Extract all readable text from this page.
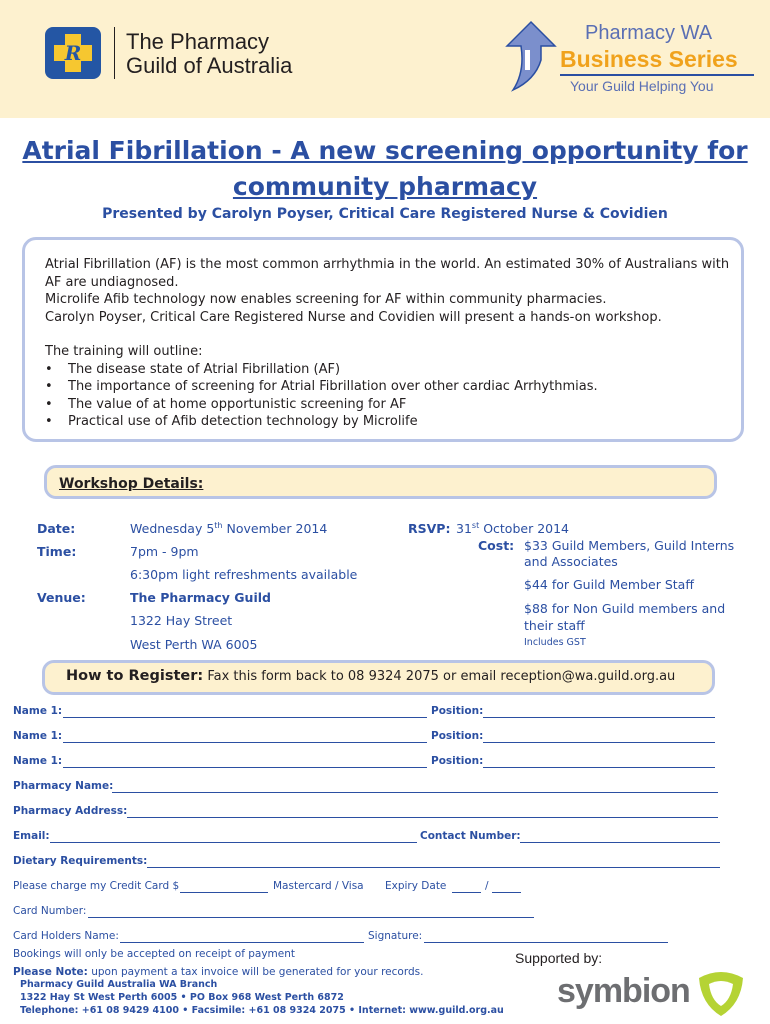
R	The Pharmacy
Guild of Australia
Pharmacy WA
Business Series
Your Guild Helping You
Atrial Fibrillation - A new screening opportunity for
community pharmacy
Presented by Carolyn Poyser, Critical Care Registered Nurse & Covidien

Atrial Fibrillation (AF) is the most common arrhythmia in the world. An estimated 30% of Australians with AF are undiagnosed.

Microlife Afib technology now enables screening for AF within community pharmacies.

Carolyn Poyser, Critical Care Registered Nurse and Covidien will present a hands-on workshop.

The training will outline:

• The disease state of Atrial Fibrillation (AF)
• The importance of screening for Atrial Fibrillation over other cardiac Arrhythmias.
• The value of at home opportunistic screening for AF
• Practical use of Afib detection technology by Microlife
Workshop Details:
Date:	Wednesday 5th November 2014
Time:	7pm - 9pm
6:30pm light refreshments available
Venue:	The Pharmacy Guild
1322 Hay Street
West Perth WA 6005
RSVP: 31st October 2014
Cost: $33 Guild Members, Guild Interns
and Associates
$44 for Guild Member Staff
$88 for Non Guild members and
their staff
Includes GST
How to Register: Fax this form back to 08 9324 2075 or email reception@wa.guild.org.au
Name 1:	Position:
Name 1:	Position:
Name 1:	Position:
Pharmacy Name:
Pharmacy Address:
Email:	Contact Number:
Dietary Requirements:
Please charge my Credit Card $	Mastercard / Visa Expiry Date	/
Card Number:
Card Holders Name:	Signature:
Bookings will only be accepted on receipt of payment
Please Note: upon payment a tax invoice will be generated for your records.
Pharmacy Guild Australia WA Branch
1322 Hay St West Perth 6005 • PO Box 968 West Perth 6872
Telephone: +61 08 9429 4100 • Facsimile: +61 08 9324 2075 • Internet: www.guild.org.au
Supported by:
symbion
